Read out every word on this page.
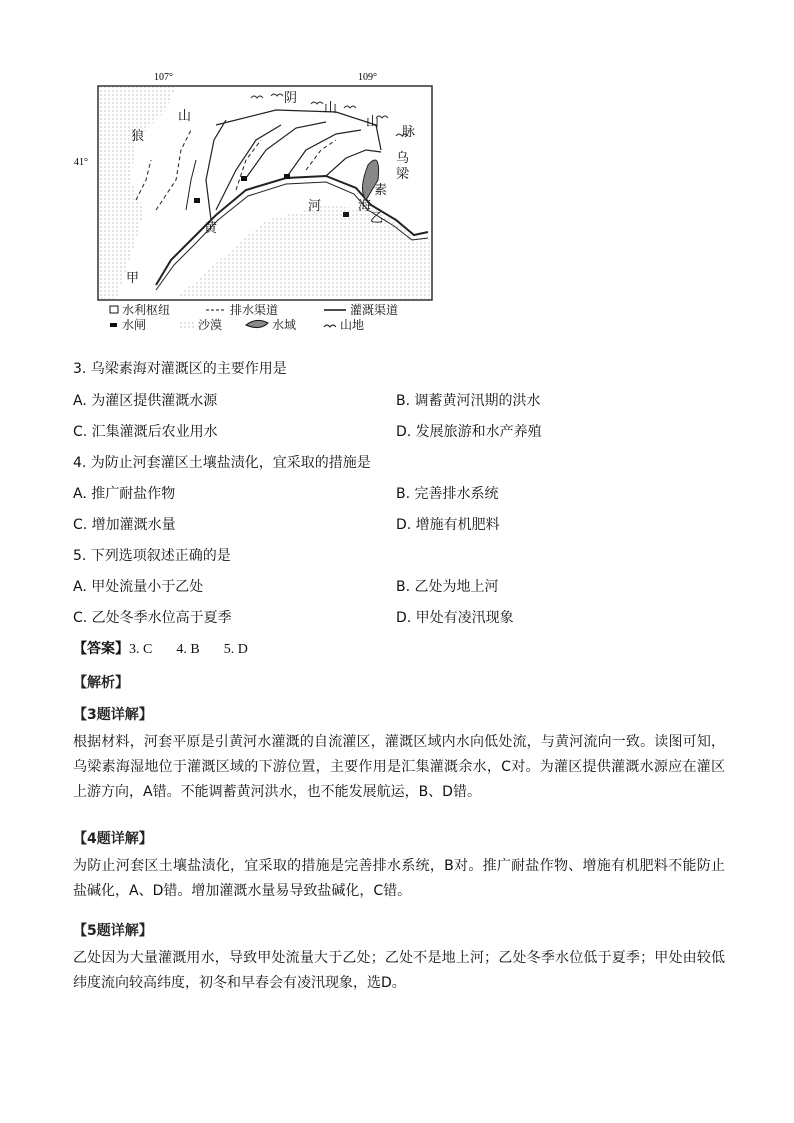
107°	109°
41°
阴
山
山
脉
乌
梁
素
海
乙
甲
河
黄
山
狼
水利枢纽	排水渠道	灌溉渠道
水闸	沙漠	水域	山地
3. 乌梁素海对灌溉区的主要作用是
A. 为灌区提供灌溉水源	B. 调蓄黄河汛期的洪水
C. 汇集灌溉后农业用水	D. 发展旅游和水产养殖
4. 为防止河套灌区土壤盐渍化，宜采取的措施是
A. 推广耐盐作物	B. 完善排水系统
C. 增加灌溉水量	D. 增施有机肥料
5. 下列选项叙述正确的是
A. 甲处流量小于乙处	B. 乙处为地上河
C. 乙处冬季水位高于夏季	D. 甲处有凌汛现象
【答案】3. C 4. B 5. D
【解析】
【3题详解】
根据材料，河套平原是引黄河水灌溉的自流灌区，灌溉区域内水向低处流，与黄河流向一致。读图可知，乌梁素海湿地位于灌溉区域的下游位置，主要作用是汇集灌溉余水，C对。为灌区提供灌溉水源应在灌区上游方向，A错。不能调蓄黄河洪水，也不能发展航运，B、D错。
【4题详解】
为防止河套区土壤盐渍化，宜采取的措施是完善排水系统，B对。推广耐盐作物、增施有机肥料不能防止盐碱化，A、D错。增加灌溉水量易导致盐碱化，C错。
【5题详解】
乙处因为大量灌溉用水，导致甲处流量大于乙处；乙处不是地上河；乙处冬季水位低于夏季；甲处由较低纬度流向较高纬度，初冬和早春会有凌汛现象，选D。
